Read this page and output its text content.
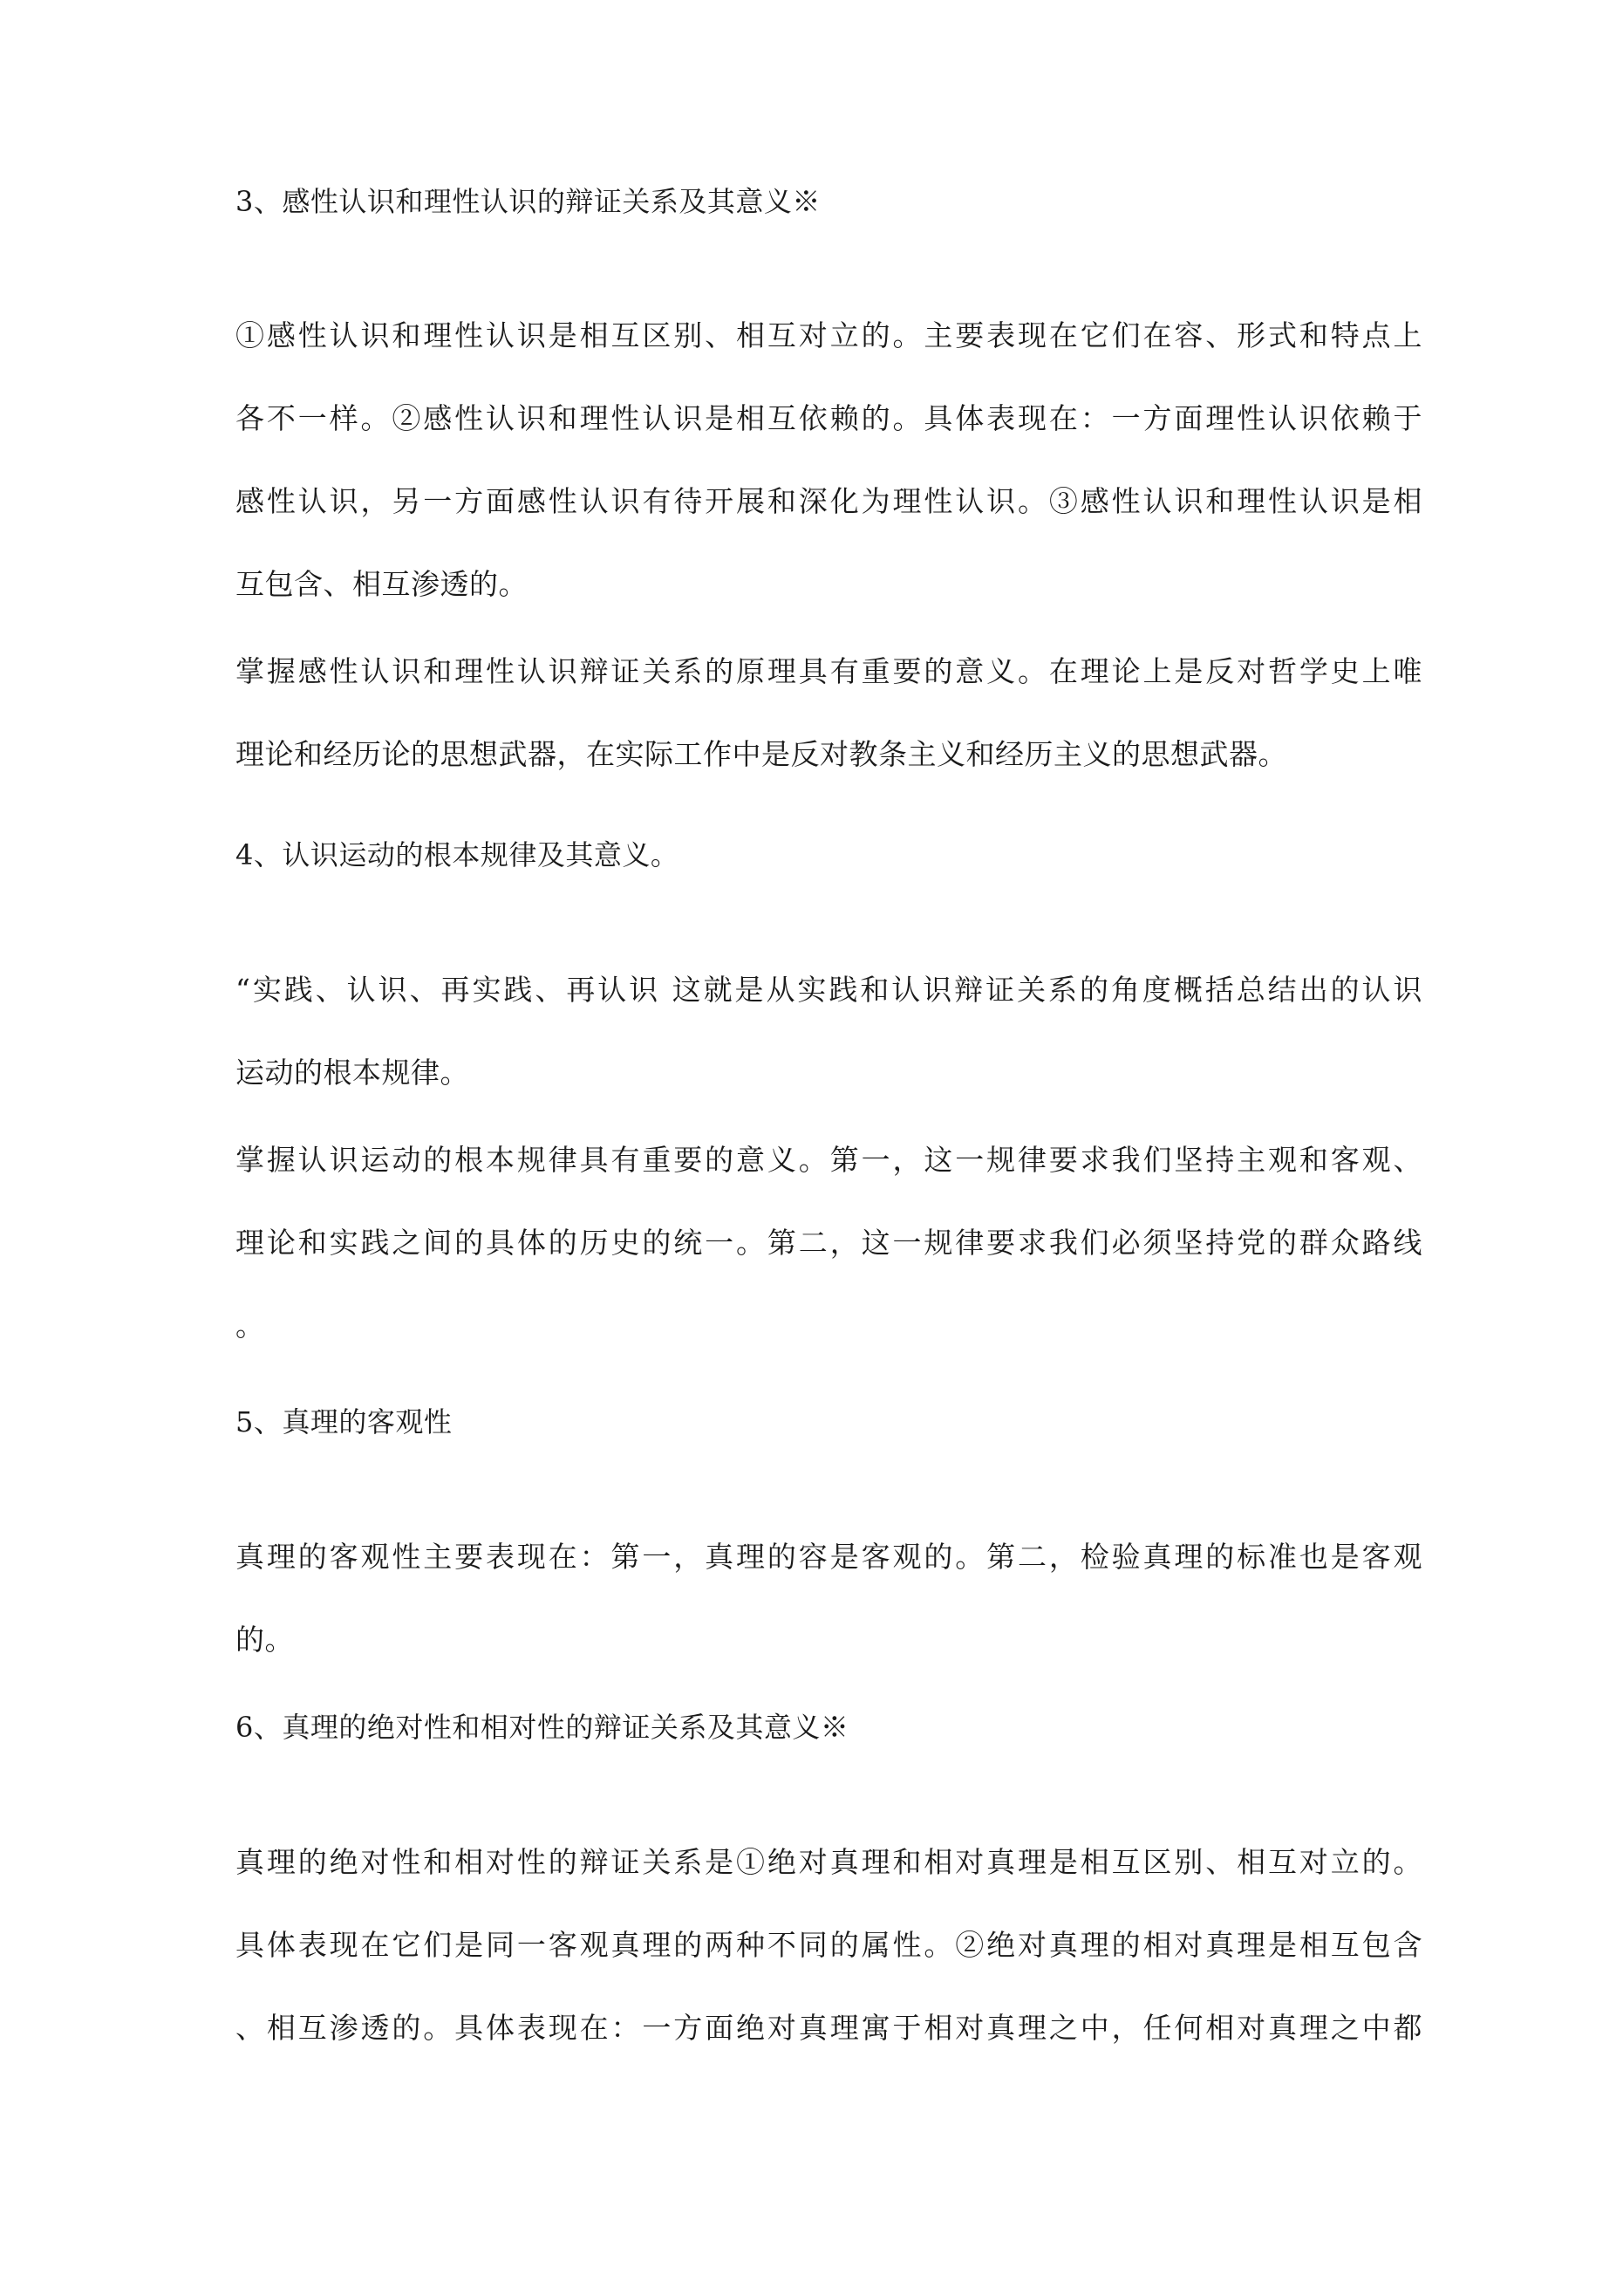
3、感性认识和理性认识的辩证关系及其意义※
①感性认识和理性认识是相互区别、相互对立的。主要表现在它们在容、形式和特点上
各不一样。②感性认识和理性认识是相互依赖的。具体表现在：一方面理性认识依赖于
感性认识，另一方面感性认识有待开展和深化为理性认识。③感性认识和理性认识是相
互包含、相互渗透的。
掌握感性认识和理性认识辩证关系的原理具有重要的意义。在理论上是反对哲学史上唯
理论和经历论的思想武器，在实际工作中是反对教条主义和经历主义的思想武器。
4、认识运动的根本规律及其意义。
“实践、认识、再实践、再认识 这就是从实践和认识辩证关系的角度概括总结出的认识
运动的根本规律。
掌握认识运动的根本规律具有重要的意义。第一，这一规律要求我们坚持主观和客观、
理论和实践之间的具体的历史的统一。第二，这一规律要求我们必须坚持党的群众路线
。
5、真理的客观性
真理的客观性主要表现在：第一，真理的容是客观的。第二，检验真理的标准也是客观
的。
6、真理的绝对性和相对性的辩证关系及其意义※
真理的绝对性和相对性的辩证关系是①绝对真理和相对真理是相互区别、相互对立的。
具体表现在它们是同一客观真理的两种不同的属性。②绝对真理的相对真理是相互包含
、相互渗透的。具体表现在：一方面绝对真理寓于相对真理之中，任何相对真理之中都
